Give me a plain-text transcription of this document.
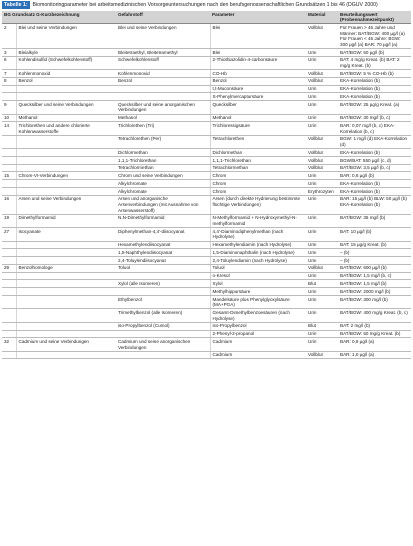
Tabelle 1: Biomonitoringparameter bei arbeitsmedizinischen Vorsorgeuntersuchungen nach den berufsgenossenschaftlichen Grundsätzen 1 bis 46 (DGUV 2000)
BG Grundsatz G-Kurzbezeichnung		Gefahrstoff	Parameter	Material	Beurteilungswert (Probennahmezeitpunkt)
2	Blei und seine Verbindungen	Blei und seine Verbindungen	Blei	Vollblut	Für Frauen > 45 Jahre und Männer: BAT/BGW: 400 µg/l (a) Für Frauen < 45 Jahre: BGW: 300 µg/l (a) BAR: 70 µg/l (a)
3	Bleialkyle	Bleitetraethyl, Bleitetramethyl	Blei	Urin	BAT/BGW: 50 µg/l (b)
6	Kohlendisulfid (Schwefelkohlenstoff)	Schwefelkohlenstoff	2-Thiothiazolidin-4-carbonsäure	Urin	BAT: 4 mg/g Kreat. (b) BAT: 2 mg/g Kreat. (b)
7	Kohlenmonoxid	Kohlenmonoxid	CO-Hb	Vollblut	BAT/BGW: 5 % CO-Hb (b)
8	Benzol	Benzol	Benzol	Vollblut	EKA-Korrelation (b)
			t,t-Muconsäure	Urin	EKA-Korrelation (b)
			S-Phenylmercaptursäure	Urin	EKA-Korrelation (b)
9	Quecksilber und seine Verbindungen	Quecksilber und seine anorganischen Verbindungen	Quecksilber	Urin	BAT/BGW: 25 µg/g Kreat. (a)
10	Methanol	Methanol	Methanol	Urin	BAT/BGW: 30 mg/l (b, c)
14	Trichlorethen und andere chlorierte Kohlenwasserstoffe	Trichlorethen (Tri)	Trichloressigsäure	Urin	BAR: 0,07 mg/l (b, c) EKA-Korrelation (b, c)
		Tetrachlorethen (Per)	Tetrachlorethen	Vollblut	BGW: 1 mg/l (d) EKA-Korrelation (d)
		Dichlormethan	Dichlormethan	Vollblut	EKA-Korrelation (b)
		1,1,1-Trichlorethan	1,1,1-Trichlorethan	Vollblut	BGW/BAT: 550 µg/l (c, d)
		Tetrachlormethan	Tetrachlormethan	Vollblut	BAT/BGW: 3,5 µg/l (b, c)
15	Chrom-VI-Verbindungen	Chrom und seine Verbindungen	Chrom	Urin	BAR: 0,6 µg/l (b)
		Alkylchromate	Chrom	Urin	EKA-Korrelation (b)
		Alkylchromate	Chrom	Erythrozyten	EKA-Korrelation (b)
16	Arsen und seine Verbindungen	Arsen und anorganische Arsenverbindungen (mit Ausnahme von Arsenwasserstoff)	Arsen (durch direkte Hydrierung bestimmte flüchtige Verbindungen)	Urin	BAR: 15 µg/l (b) BLW: 50 µg/l (b) EKA-Korrelation (b)
19	Dimethylformamid	N,N-Dimethylformamid	N-Methylformamid + N-Hydroxymethyl-N-methylformamid	Urin	BAT/BGW: 35 mg/l (b)
27	Isocyanate	Diphenylmethan-4,4'-diisocyanat	4,4'-Diaminodiphenylmethan (nach Hydrolyse)	Urin	BAT: 10 µg/l (b)
		Hexamethylendiisocyanat	Hexamethylendiamin (nach Hydrolyse)	Urin	BAT: 15 µg/g Kreat. (b)
		1,5-Naphthylendiisocyanat	1,5-Diaminonaphthalin (nach Hydrolyse)	Urin	– (b)
		2,4-Toluylendiisocyanat	2,4-Toluylendiamin (nach Hydrolyse)	Urin	– (b)
29	Benzolhomologe	Toluol	Toluol	Vollblut	BAT/BGW: 600 µg/l (b)
			o-Kresol	Urin	BAT/BGW: 1,5 mg/l (b, c)
		Xylol (alle Isomeren)	Xylol	Blut	BAT/BGW: 1,5 mg/l (b)
			Methylhippursäure	Urin	BAT/BGW: 2000 mg/l (b)
		Ethylbenzol	Mandelsäure plus Phenylglyoxylsäure (MA+PGA)	Urin	BAT/BGW: 300 mg/l (b)
		Trimethylbenzol (alle Isomeren)	Gesamt-Dimethylbenzoesäuren (nach Hydrolyse)	Urin	BAT/BGW: 400 mg/g Kreat. (b, c)
		iso-Propylbenzol (Cumol)	iso-Propylbenzol	Blut	BAT: 2 mg/l (b)
			2-Phenyl-2-propanol	Urin	BAT/BGW: 50 mg/g Kreat. (b)
32	Cadmium und seine Verbindungen	Cadmium und seine anorganischen Verbindungen	Cadmium	Urin	BAR: 0,8 µg/l (a)
			Cadmium	Vollblut	BAR: 1,0 µg/l (a)
